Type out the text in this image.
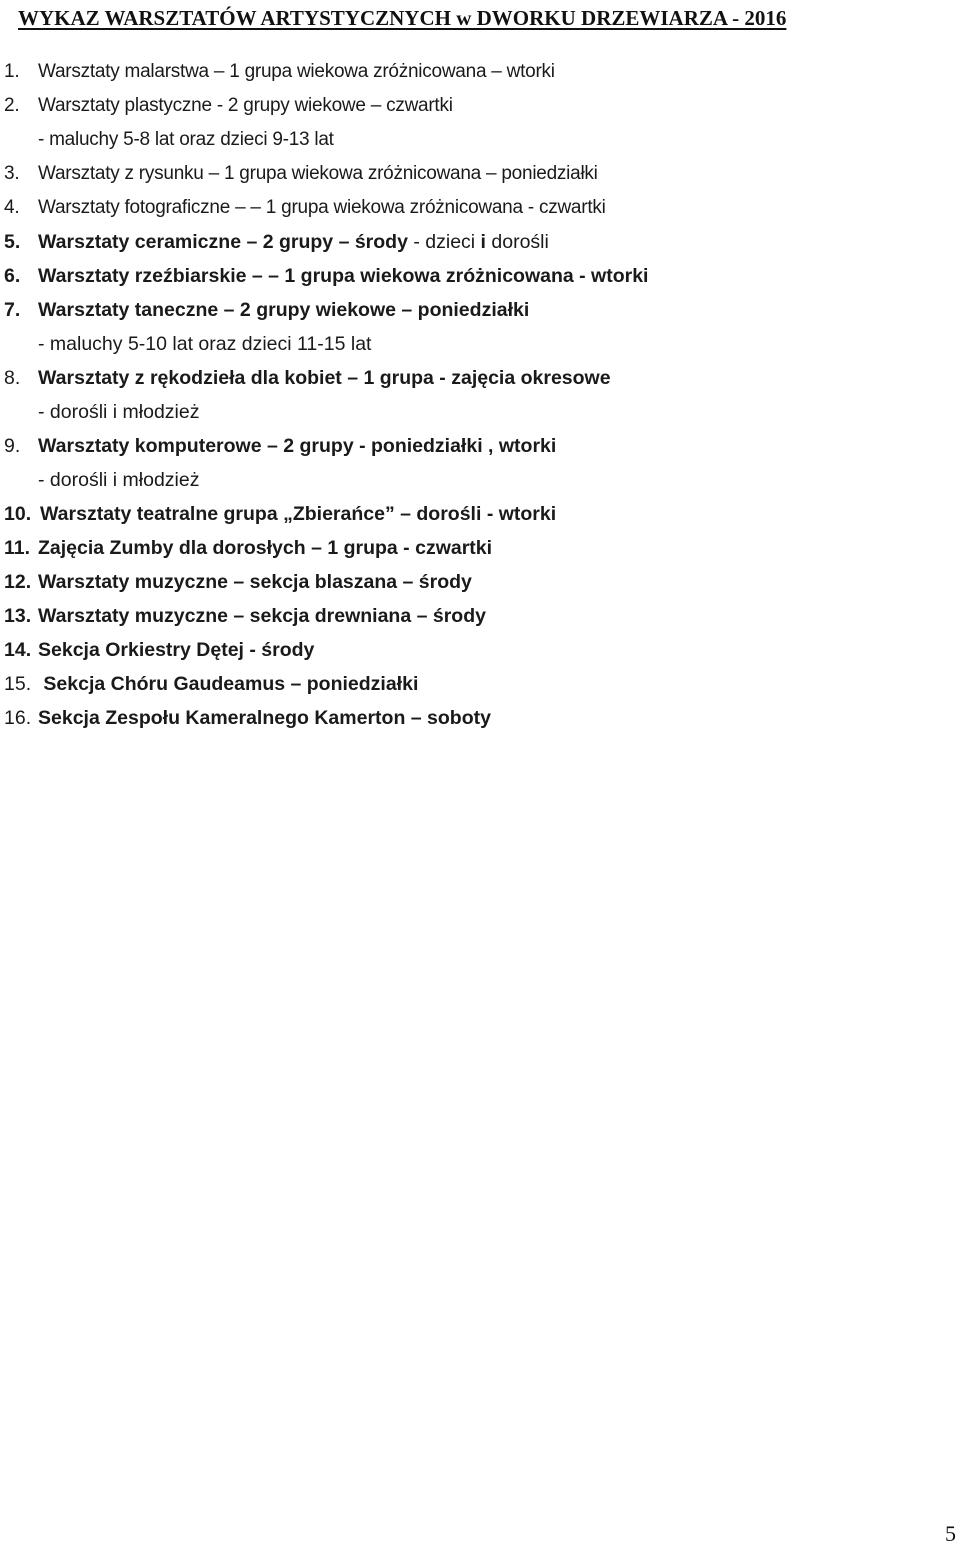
WYKAZ WARSZTATÓW ARTYSTYCZNYCH w DWORKU DRZEWIARZA - 2016
1. Warsztaty malarstwa – 1 grupa wiekowa zróżnicowana – wtorki
2. Warsztaty plastyczne - 2 grupy wiekowe – czwartki
- maluchy 5-8 lat oraz dzieci 9-13 lat
3. Warsztaty z rysunku – 1 grupa wiekowa zróżnicowana – poniedziałki
4. Warsztaty fotograficzne – – 1 grupa wiekowa zróżnicowana - czwartki
5. Warsztaty ceramiczne – 2 grupy – środy - dzieci i dorośli
6. Warsztaty rzeźbiarskie – – 1 grupa wiekowa zróżnicowana - wtorki
7. Warsztaty taneczne – 2 grupy wiekowe – poniedziałki
- maluchy 5-10 lat oraz dzieci 11-15 lat
8. Warsztaty z rękodzieła dla kobiet – 1 grupa - zajęcia okresowe
- dorośli i młodzież
9. Warsztaty komputerowe – 2 grupy - poniedziałki , wtorki
- dorośli i młodzież
10. Warsztaty teatralne grupa „Zbierańce” – dorośli - wtorki
11. Zajęcia Zumby dla dorosłych – 1 grupa - czwartki
12. Warsztaty muzyczne – sekcja blaszana – środy
13. Warsztaty muzyczne – sekcja drewniana – środy
14. Sekcja Orkiestry Dętej - środy
15. Sekcja Chóru Gaudeamus – poniedziałki
16. Sekcja Zespołu Kameralnego Kamerton – soboty
5
